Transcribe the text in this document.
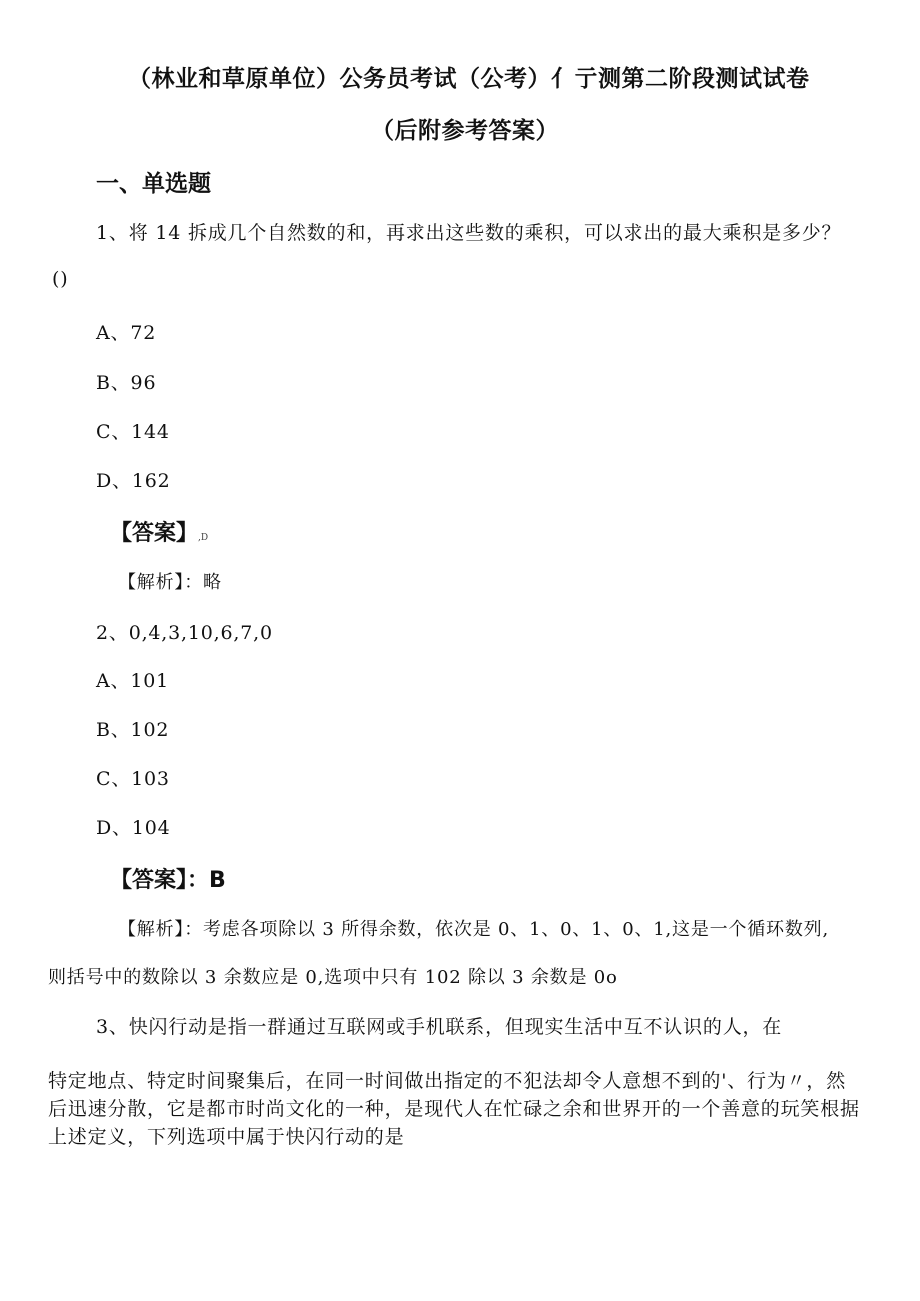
（林业和草原单位）公务员考试（公考）亻亍测第二阶段测试试卷
（后附参考答案）
一、单选题
1、将 14 拆成几个自然数的和，再求出这些数的乘积，可以求出的最大乘积是多少？
()
A、72
B、96
C、144
D、162
【答案】,D
【解析】：略
2、0,4,3,10,6,7,0
A、101
B、102
C、103
D、104
【答案】：B
【解析】：考虑各项除以 3 所得余数，依次是 0、1、0、1、0、1,这是一个循环数列,
则括号中的数除以 3 余数应是 0,选项中只有 102 除以 3 余数是 0o
3、快闪行动是指一群通过互联网或手机联系，但现实生活中互不认识的人，在
特定地点、特定时间聚集后，在同一时间做出指定的不犯法却令人意想不到的'、行为〃，然
后迅速分散，它是都市时尚文化的一种，是现代人在忙碌之余和世界开的一个善意的玩笑根据
上述定义，下列选项中属于快闪行动的是
